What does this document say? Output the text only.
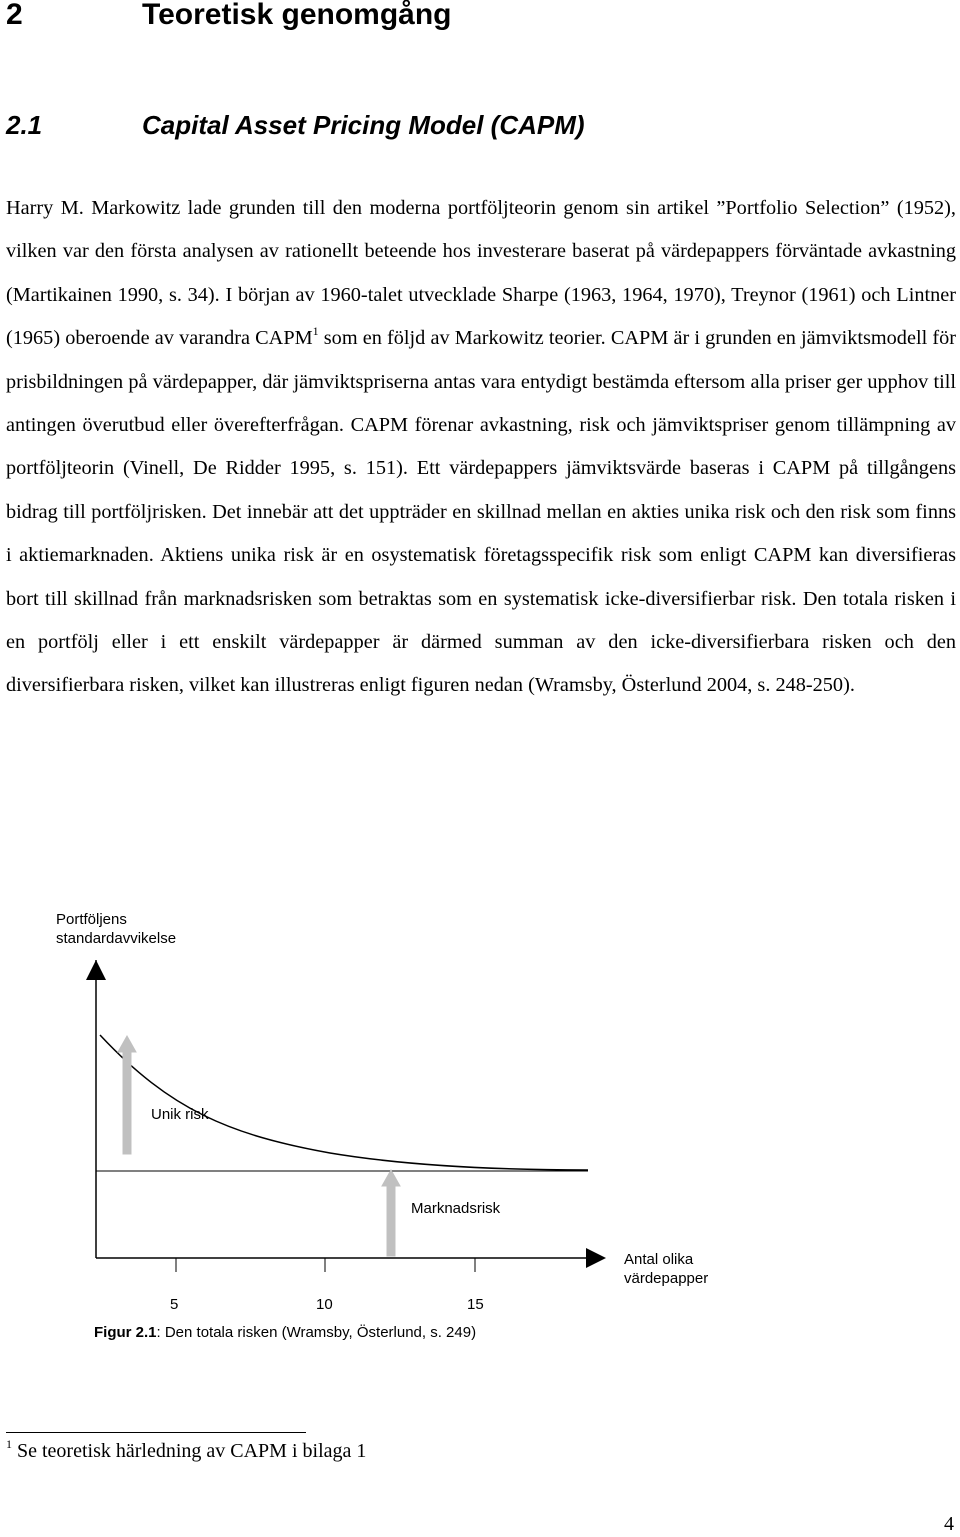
2	Teoretisk genomgång
2.1	Capital Asset Pricing Model (CAPM)

Harry M. Markowitz lade grunden till den moderna portföljteorin genom sin artikel ”Portfolio Selection” (1952), vilken var den första analysen av rationellt beteende hos investerare baserat på värdepappers förväntade avkastning (Martikainen 1990, s. 34). I början av 1960-talet utvecklade Sharpe (1963, 1964, 1970), Treynor (1961) och Lintner (1965) oberoende av varandra CAPM$^1$ som en följd av Markowitz teorier. CAPM är i grunden en jämviktsmodell för prisbildningen på värdepapper, där jämviktspriserna antas vara entydigt bestämda eftersom alla priser ger upphov till antingen överutbud eller överefterfrågan. CAPM förenar avkastning, risk och jämviktspriser genom tillämpning av portföljteorin (Vinell, De Ridder 1995, s. 151). Ett värdepappers jämviktsvärde baseras i CAPM på tillgångens bidrag till portföljrisken. Det innebär att det uppträder en skillnad mellan en akties unika risk och den risk som finns i aktiemarknaden. Aktiens unika risk är en osystematisk företagsspecifik risk som enligt CAPM kan diversifieras bort till skillnad från marknadsrisken som betraktas som en systematisk icke-diversifierbar risk. Den totala risken i en portfölj eller i ett enskilt värdepapper är därmed summan av den icke-diversifierbara risken och den diversifierbara risken, vilket kan illustreras enligt figuren nedan (Wramsby, Österlund 2004, s. 248-250).

Portföljens standardavvikelse
Unik risk
Marknadsrisk
5	10	15
Antal olika värdepapper
Figur 2.1: Den totala risken (Wramsby, Österlund, s. 249)
$^1$ Se teoretisk härledning av CAPM i bilaga 1
4
